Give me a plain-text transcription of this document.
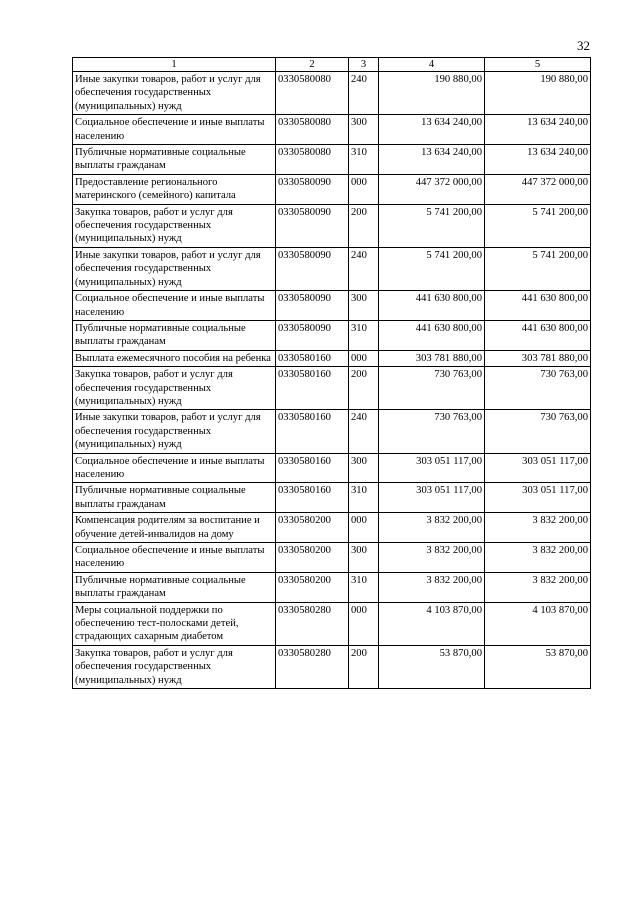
32
1	2	3	4	5
Иные закупки товаров, работ и услуг для обеспечения государственных (муниципальных) нужд	0330580080	240	190 880,00	190 880,00
Социальное обеспечение и иные выплаты населению	0330580080	300	13 634 240,00	13 634 240,00
Публичные нормативные социальные выплаты гражданам	0330580080	310	13 634 240,00	13 634 240,00
Предоставление регионального материнского (семейного) капитала	0330580090	000	447 372 000,00	447 372 000,00
Закупка товаров, работ и услуг для обеспечения государственных (муниципальных) нужд	0330580090	200	5 741 200,00	5 741 200,00
Иные закупки товаров, работ и услуг для обеспечения государственных (муниципальных) нужд	0330580090	240	5 741 200,00	5 741 200,00
Социальное обеспечение и иные выплаты населению	0330580090	300	441 630 800,00	441 630 800,00
Публичные нормативные социальные выплаты гражданам	0330580090	310	441 630 800,00	441 630 800,00
Выплата ежемесячного пособия на ребенка	0330580160	000	303 781 880,00	303 781 880,00
Закупка товаров, работ и услуг для обеспечения государственных (муниципальных) нужд	0330580160	200	730 763,00	730 763,00
Иные закупки товаров, работ и услуг для обеспечения государственных (муниципальных) нужд	0330580160	240	730 763,00	730 763,00
Социальное обеспечение и иные выплаты населению	0330580160	300	303 051 117,00	303 051 117,00
Публичные нормативные социальные выплаты гражданам	0330580160	310	303 051 117,00	303 051 117,00
Компенсация родителям за воспитание и обучение детей-инвалидов на дому	0330580200	000	3 832 200,00	3 832 200,00
Социальное обеспечение и иные выплаты населению	0330580200	300	3 832 200,00	3 832 200,00
Публичные нормативные социальные выплаты гражданам	0330580200	310	3 832 200,00	3 832 200,00
Меры социальной поддержки по обеспечению тест-полосками детей, страдающих сахарным диабетом	0330580280	000	4 103 870,00	4 103 870,00
Закупка товаров, работ и услуг для обеспечения государственных (муниципальных) нужд	0330580280	200	53 870,00	53 870,00
